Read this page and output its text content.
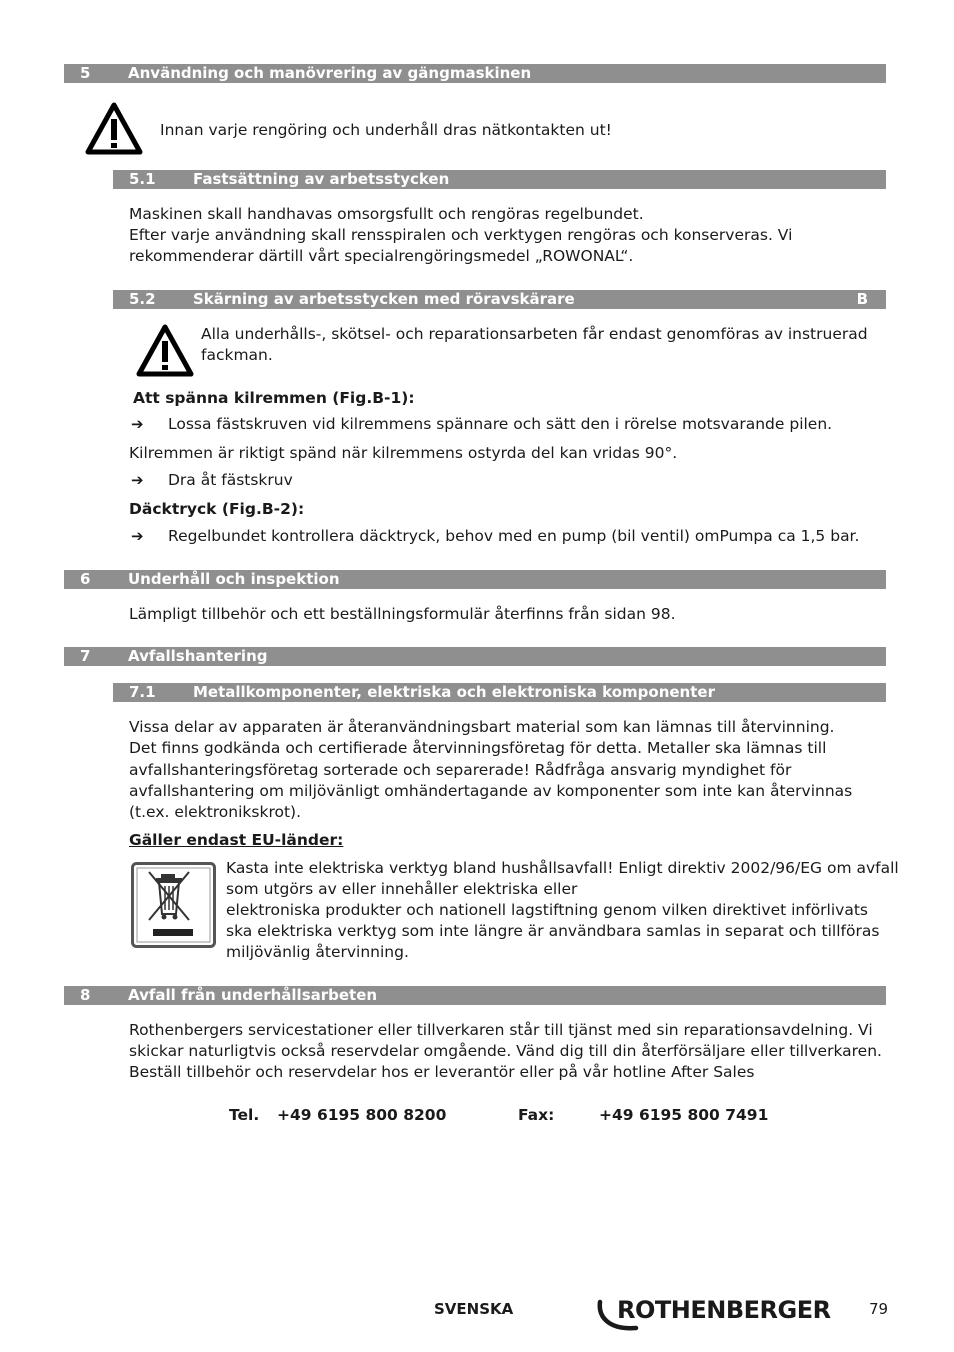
5	Användning och manövrering av gängmaskinen
Innan varje rengöring och underhåll dras nätkontakten ut!
5.1 Fastsättning av arbetsstycken
Maskinen skall handhavas omsorgsfullt och rengöras regelbundet.
Efter varje användning skall rensspiralen och verktygen rengöras och konserveras. Vi
rekommenderar därtill vårt specialrengöringsmedel „ROWONAL“.
5.2 Skärning av arbetsstycken med röravskärare	B
Alla underhålls-, skötsel- och reparationsarbeten får endast genomföras av instruerad
fackman.
Att spänna kilremmen (Fig.B-1):
➔ Lossa fästskruven vid kilremmens spännare och sätt den i rörelse motsvarande pilen.
Kilremmen är riktigt spänd när kilremmens ostyrda del kan vridas 90°.
➔ Dra åt fästskruv
Däcktryck (Fig.B-2):
➔ Regelbundet kontrollera däcktryck, behov med en pump (bil ventil) omPumpa ca 1,5 bar.
6	Underhåll och inspektion
Lämpligt tillbehör och ett beställningsformulär återfinns från sidan 98.
7	Avfallshantering
7.1 Metallkomponenter, elektriska och elektroniska komponenter
Vissa delar av apparaten är återanvändningsbart material som kan lämnas till återvinning.
Det finns godkända och certifierade återvinningsföretag för detta. Metaller ska lämnas till
avfallshanteringsföretag sorterade och separerade! Rådfråga ansvarig myndighet för
avfallshantering om miljövänligt omhändertagande av komponenter som inte kan återvinnas
(t.ex. elektronikskrot).
Gäller endast EU-länder:
Kasta inte elektriska verktyg bland hushållsavfall! Enligt direktiv 2002/96/EG om avfall
som utgörs av eller innehåller elektriska eller
elektroniska produkter och nationell lagstiftning genom vilken direktivet införlivats
ska elektriska verktyg som inte längre är användbara samlas in separat och tillföras
miljövänlig återvinning.
8	Avfall från underhållsarbeten
Rothenbergers servicestationer eller tillverkaren står till tjänst med sin reparationsavdelning. Vi
skickar naturligtvis också reservdelar omgående. Vänd dig till din återförsäljare eller tillverkaren.
Beställ tillbehör och reservdelar hos er leverantör eller på vår hotline After Sales
Tel. +49 6195 800 8200	Fax:	+49 6195 800 7491
SVENSKA	ROTHENBERGER	79
